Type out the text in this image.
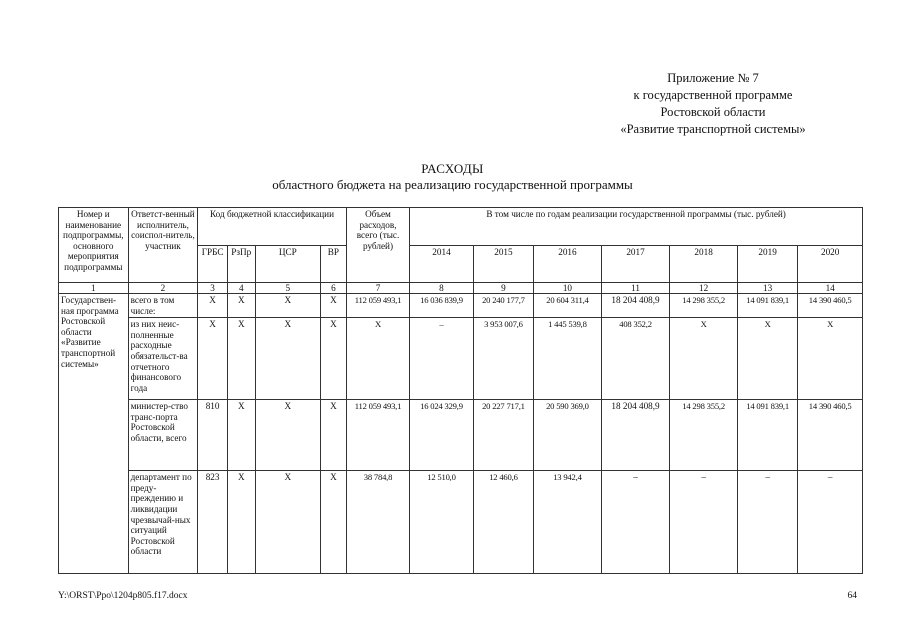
Приложение № 7
к государственной программе
Ростовской области
«Развитие транспортной системы»
РАСХОДЫ
областного бюджета на реализацию государственной программы
Номер и наименование подпрограммы, основного мероприятия подпрограммы	Ответст-венный исполнитель, соиспол-нитель, участник	Код бюджетной классификации				Объем расходов, всего (тыс. рублей)	В том числе по годам реализации государственной программы (тыс. рублей)						
		ГРБС	РзПр	ЦСР	ВР		2014	2015	2016	2017	2018	2019	2020
1	2	3	4	5	6	7	8	9	10	11	12	13	14
Государствен-ная программа Ростовской области «Развитие транспортной системы»	всего в том числе:	Х	Х	Х	Х	112 059 493,1	16 036 839,9	20 240 177,7	20 604 311,4	18 204 408,9	14 298 355,2	14 091 839,1	14 390 460,5
	из них неис-полненные расходные обязательст-ва отчетного финансового года	Х	Х	Х	Х	Х	–	3 953 007,6	1 445 539,8	408 352,2	Х	Х	Х
	министер-ство транс-порта Ростовской области, всего	810	Х	Х	Х	112 059 493,1	16 024 329,9	20 227 717,1	20 590 369,0	18 204 408,9	14 298 355,2	14 091 839,1	14 390 460,5
	департамент по преду-преждению и ликвидации чрезвычай-ных ситуаций Ростовской области	823	Х	Х	Х	38 784,8	12 510,0	12 460,6	13 942,4	–	–	–	–
Y:\ORST\Ppo\1204p805.f17.docx	64
